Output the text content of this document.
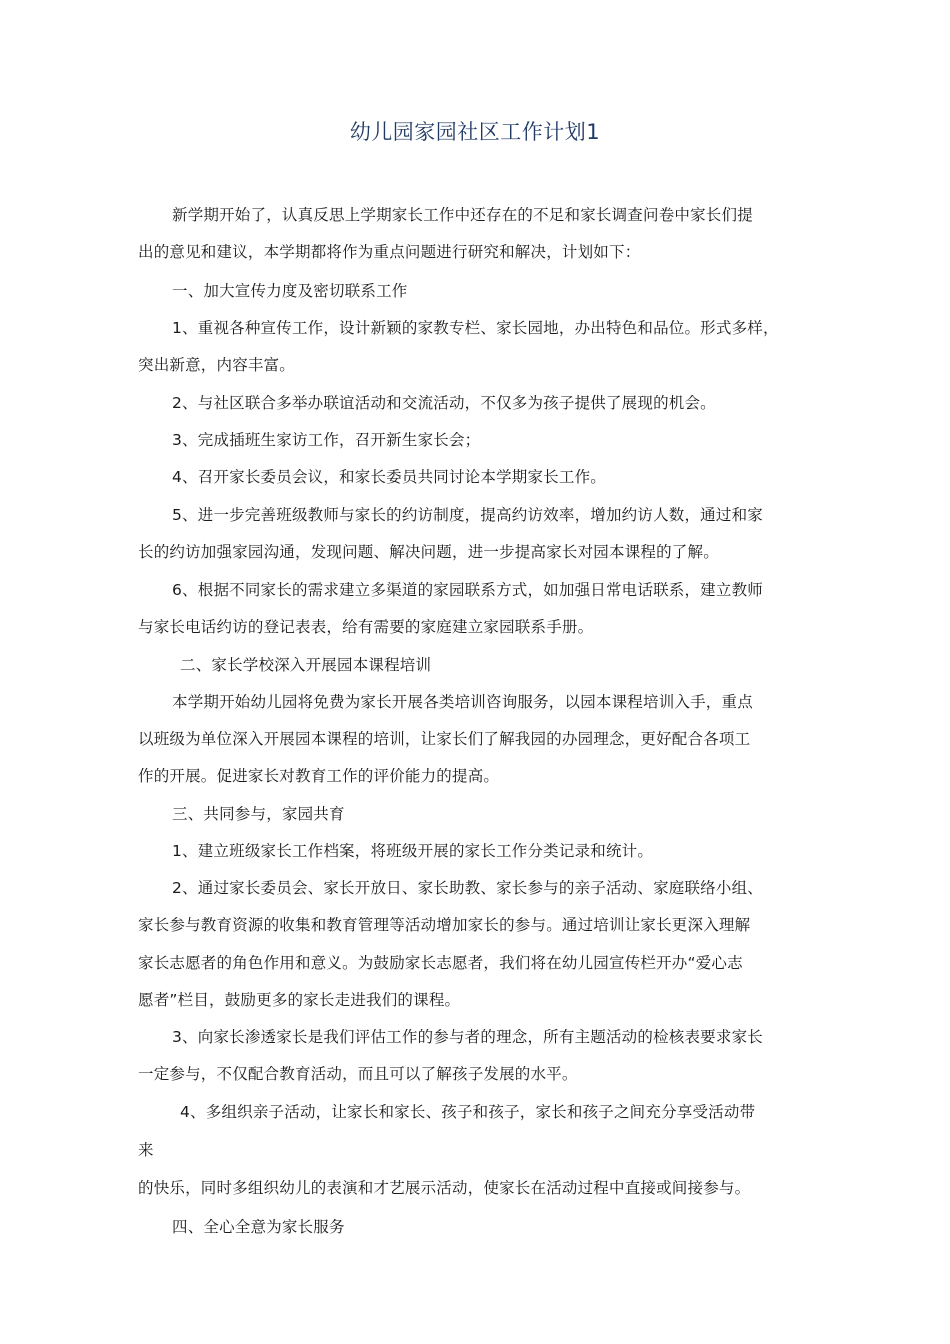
幼儿园家园社区工作计划1
新学期开始了，认真反思上学期家长工作中还存在的不足和家长调查问卷中家长们提
出的意见和建议，本学期都将作为重点问题进行研究和解决，计划如下：
一、加大宣传力度及密切联系工作
1、重视各种宣传工作，设计新颖的家教专栏、家长园地，办出特色和品位。形式多样，
突出新意，内容丰富。
2、与社区联合多举办联谊活动和交流活动，不仅多为孩子提供了展现的机会。
3、完成插班生家访工作，召开新生家长会；
4、召开家长委员会议，和家长委员共同讨论本学期家长工作。
5、进一步完善班级教师与家长的约访制度，提高约访效率，增加约访人数，通过和家
长的约访加强家园沟通，发现问题、解决问题，进一步提高家长对园本课程的了解。
6、根据不同家长的需求建立多渠道的家园联系方式，如加强日常电话联系，建立教师
与家长电话约访的登记表表，给有需要的家庭建立家园联系手册。
二、家长学校深入开展园本课程培训
本学期开始幼儿园将免费为家长开展各类培训咨询服务，以园本课程培训入手，重点
以班级为单位深入开展园本课程的培训，让家长们了解我园的办园理念，更好配合各项工
作的开展。促进家长对教育工作的评价能力的提高。
三、共同参与，家园共育
1、建立班级家长工作档案，将班级开展的家长工作分类记录和统计。
2、通过家长委员会、家长开放日、家长助教、家长参与的亲子活动、家庭联络小组、
家长参与教育资源的收集和教育管理等活动增加家长的参与。通过培训让家长更深入理解
家长志愿者的角色作用和意义。为鼓励家长志愿者，我们将在幼儿园宣传栏开办“爱心志
愿者”栏目，鼓励更多的家长走进我们的课程。
3、向家长渗透家长是我们评估工作的参与者的理念，所有主题活动的检核表要求家长
一定参与，不仅配合教育活动，而且可以了解孩子发展的水平。
4、多组织亲子活动，让家长和家长、孩子和孩子，家长和孩子之间充分享受活动带
来
的快乐，同时多组织幼儿的表演和才艺展示活动，使家长在活动过程中直接或间接参与。
四、全心全意为家长服务
